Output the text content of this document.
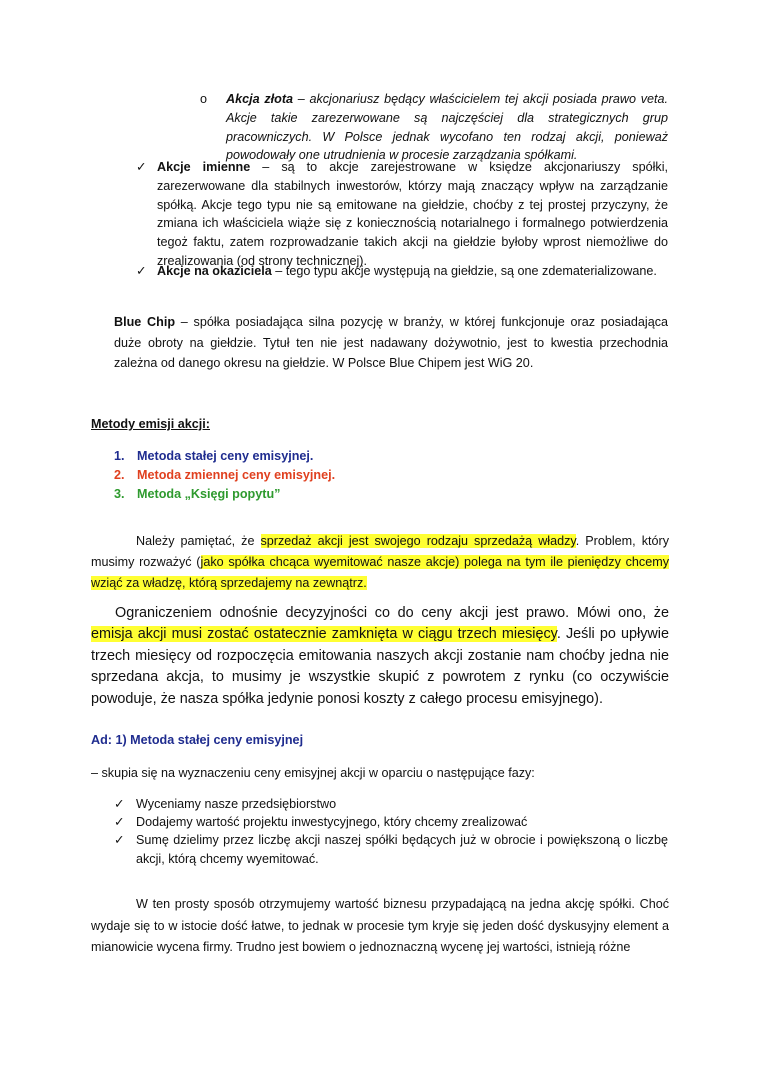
o Akcja złota – akcjonariusz będący właścicielem tej akcji posiada prawo veta. Akcje takie zarezerwowane są najczęściej dla strategicznych grup pracowniczych. W Polsce jednak wycofano ten rodzaj akcji, ponieważ powodowały one utrudnienia w procesie zarządzania spółkami.
✓ Akcje imienne – są to akcje zarejestrowane w księdze akcjonariuszy spółki, zarezerwowane dla stabilnych inwestorów, którzy mają znaczący wpływ na zarządzanie spółką. Akcje tego typu nie są emitowane na giełdzie, choćby z tej prostej przyczyny, że zmiana ich właściciela wiąże się z koniecznością notarialnego i formalnego potwierdzenia tegoż faktu, zatem rozprowadzanie takich akcji na giełdzie byłoby wprost niemożliwe do zrealizowania (od strony technicznej).
✓ Akcje na okaziciela – tego typu akcje występują na giełdzie, są one zdematerializowane.
Blue Chip – spółka posiadająca silna pozycję w branży, w której funkcjonuje oraz posiadająca duże obroty na giełdzie. Tytuł ten nie jest nadawany dożywotnio, jest to kwestia przechodnia zależna od danego okresu na giełdzie. W Polsce Blue Chipem jest WiG 20.
Metody emisji akcji:
1. Metoda stałej ceny emisyjnej.
2. Metoda zmiennej ceny emisyjnej.
3. Metoda „Księgi popytu”
Należy pamiętać, że sprzedaż akcji jest swojego rodzaju sprzedażą władzy. Problem, który musimy rozważyć (jako spółka chcąca wyemitować nasze akcje) polega na tym ile pieniędzy chcemy wziąć za władzę, którą sprzedajemy na zewnątrz.
Ograniczeniem odnośnie decyzyjności co do ceny akcji jest prawo. Mówi ono, że emisja akcji musi zostać ostatecznie zamknięta w ciągu trzech miesięcy. Jeśli po upływie trzech miesięcy od rozpoczęcia emitowania naszych akcji zostanie nam choćby jedna nie sprzedana akcja, to musimy je wszystkie skupić z powrotem z rynku (co oczywiście powoduje, że nasza spółka jedynie ponosi koszty z całego procesu emisyjnego).
Ad: 1) Metoda stałej ceny emisyjnej
– skupia się na wyznaczeniu ceny emisyjnej akcji w oparciu o następujące fazy:
✓ Wyceniamy nasze przedsiębiorstwo
✓ Dodajemy wartość projektu inwestycyjnego, który chcemy zrealizować
✓ Sumę dzielimy przez liczbę akcji naszej spółki będących już w obrocie i powiększoną o liczbę akcji, którą chcemy wyemitować.
W ten prosty sposób otrzymujemy wartość biznesu przypadającą na jedna akcję spółki. Choć wydaje się to w istocie dość łatwe, to jednak w procesie tym kryje się jeden dość dyskusyjny element a mianowicie wycena firmy. Trudno jest bowiem o jednoznaczną wycenę jej wartości, istnieją różne
